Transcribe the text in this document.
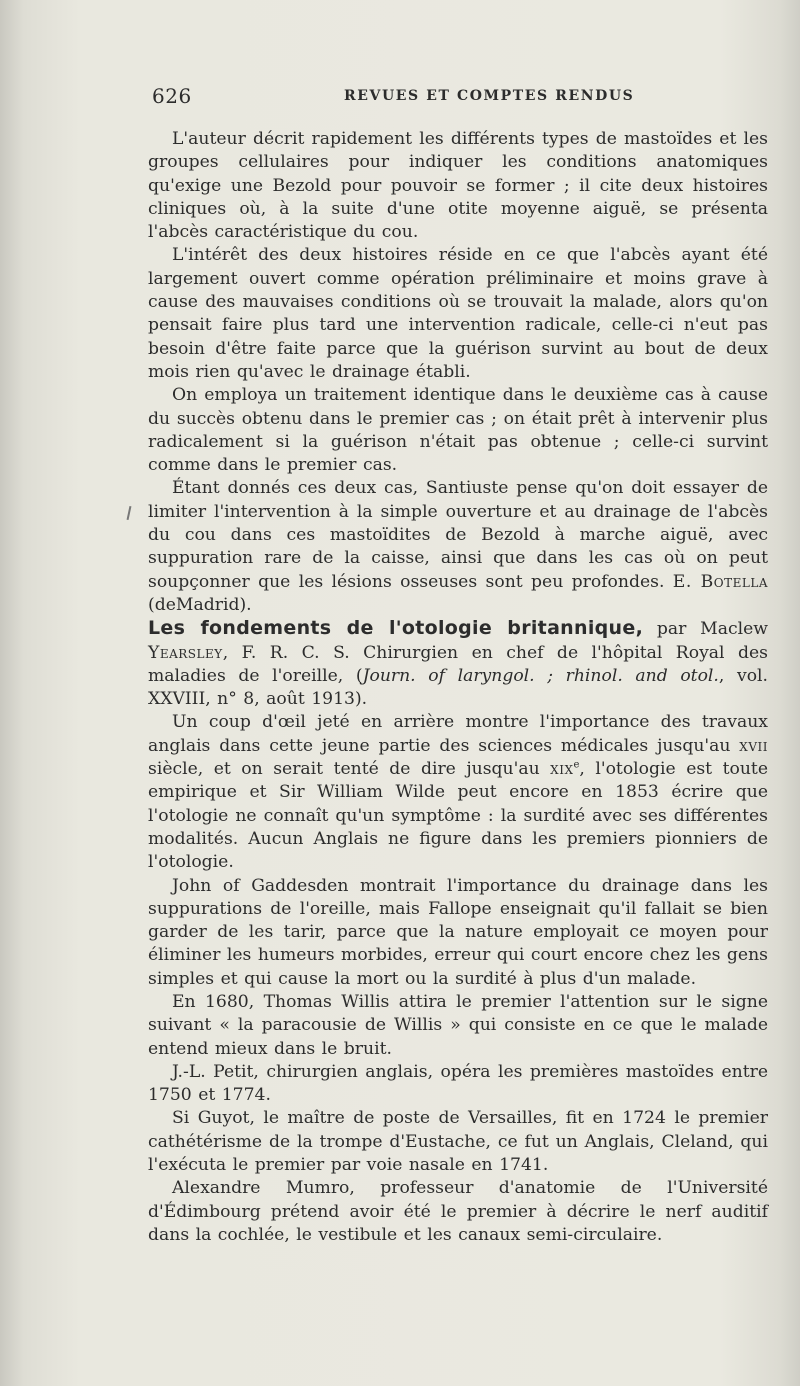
626	REVUES ET COMPTES RENDUS

L'auteur décrit rapidement les différents types de mastoïdes et les groupes cellulaires pour indiquer les conditions anatomiques qu'exige une Bezold pour pouvoir se former ; il cite deux histoires cliniques où, à la suite d'une otite moyenne aiguë, se présenta l'abcès caractéristique du cou.

L'intérêt des deux histoires réside en ce que l'abcès ayant été largement ouvert comme opération préliminaire et moins grave à cause des mauvaises conditions où se trouvait la malade, alors qu'on pensait faire plus tard une intervention radicale, celle-ci n'eut pas besoin d'être faite parce que la guérison survint au bout de deux mois rien qu'avec le drainage établi.

On employa un traitement identique dans le deuxième cas à cause du succès obtenu dans le premier cas ; on était prêt à intervenir plus radicalement si la guérison n'était pas obtenue ; celle-ci survint comme dans le premier cas.

Étant donnés ces deux cas, Santiuste pense qu'on doit essayer de limiter l'intervention à la simple ouverture et au drainage de l'abcès du cou dans ces mastoïdites de Bezold à marche aiguë, avec suppuration rare de la caisse, ainsi que dans les cas où on peut soupçonner que les lésions osseuses sont peu profondes. E. Botella (deMadrid).

Les fondements de l'otologie britannique, par Maclew Yearsley, F. R. C. S. Chirurgien en chef de l'hôpital Royal des maladies de l'oreille, (Journ. of laryngol. ; rhinol. and otol., vol. XXVIII, n° 8, août 1913).

Un coup d'œil jeté en arrière montre l'importance des travaux anglais dans cette jeune partie des sciences médicales jusqu'au xvii siècle, et on serait tenté de dire jusqu'au xix$^e$, l'otologie est toute empirique et Sir William Wilde peut encore en 1853 écrire que l'otologie ne connaît qu'un symptôme : la surdité avec ses différentes modalités. Aucun Anglais ne figure dans les premiers pionniers de l'otologie.

John of Gaddesden montrait l'importance du drainage dans les suppurations de l'oreille, mais Fallope enseignait qu'il fallait se bien garder de les tarir, parce que la nature employait ce moyen pour éliminer les humeurs morbides, erreur qui court encore chez les gens simples et qui cause la mort ou la surdité à plus d'un malade.

En 1680, Thomas Willis attira le premier l'attention sur le signe suivant « la paracousie de Willis » qui consiste en ce que le malade entend mieux dans le bruit.

J.-L. Petit, chirurgien anglais, opéra les premières mastoïdes entre 1750 et 1774.

Si Guyot, le maître de poste de Versailles, fit en 1724 le premier cathétérisme de la trompe d'Eustache, ce fut un Anglais, Cleland, qui l'exécuta le premier par voie nasale en 1741.

Alexandre Mumro, professeur d'anatomie de l'Université d'Édimbourg prétend avoir été le premier à décrire le nerf auditif dans la cochlée, le vestibule et les canaux semi-circulaire.
